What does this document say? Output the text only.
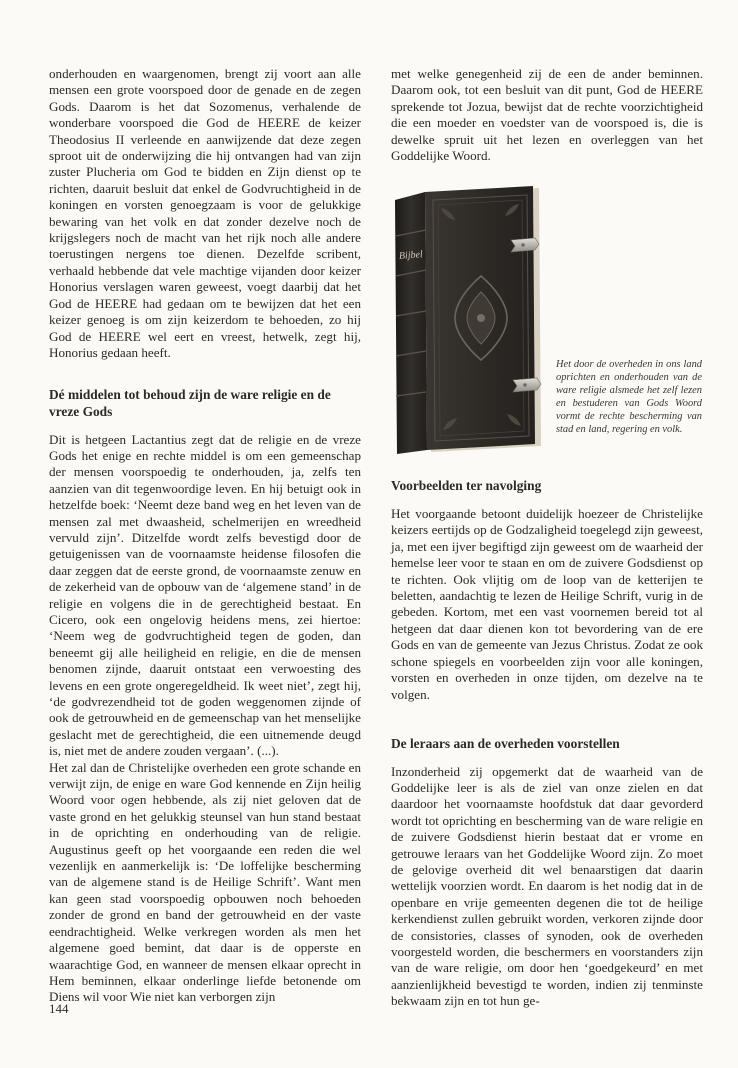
onderhouden en waargenomen, brengt zij voort aan alle mensen een grote voorspoed door de genade en de zegen Gods. Daarom is het dat Sozomenus, verhalende de wonderbare voorspoed die God de HEERE de keizer Theodosius II verleende en aanwijzende dat deze zegen sproot uit de onderwijzing die hij ontvangen had van zijn zuster Plucheria om God te bidden en Zijn dienst op te richten, daaruit besluit dat enkel de Godvruchtigheid in de koningen en vorsten genoegzaam is voor de gelukkige bewaring van het volk en dat zonder dezelve noch de krijgslegers noch de macht van het rijk noch alle andere toerustingen nergens toe dienen. Dezelfde scribent, verhaald hebbende dat vele machtige vijanden door keizer Honorius verslagen waren geweest, voegt daarbij dat het God de HEERE had gedaan om te bewijzen dat het een keizer genoeg is om zijn keizerdom te behoeden, zo hij God de HEERE wel eert en vreest, hetwelk, zegt hij, Honorius gedaan heeft.

Dé middelen tot behoud zijn de ware religie en de vreze Gods

Dit is hetgeen Lactantius zegt dat de religie en de vreze Gods het enige en rechte middel is om een gemeenschap der mensen voorspoedig te onderhouden, ja, zelfs ten aanzien van dit tegenwoordige leven. En hij betuigt ook in hetzelfde boek: ‘Neemt deze band weg en het leven van de mensen zal met dwaasheid, schelmerijen en wreedheid vervuld zijn’. Ditzelfde wordt zelfs bevestigd door de getuigenissen van de voornaamste heidense filosofen die daar zeggen dat de eerste grond, de voornaamste zenuw en de zekerheid van de opbouw van de ‘algemene stand’ in de religie en volgens die in de gerechtigheid bestaat. En Cicero, ook een ongelovig heidens mens, zei hiertoe: ‘Neem weg de godvruchtigheid tegen de goden, dan beneemt gij alle heiligheid en religie, en die de mensen benomen zijnde, daaruit ontstaat een verwoesting des levens en een grote ongeregeldheid. Ik weet niet’, zegt hij, ‘de godvrezendheid tot de goden weggenomen zijnde of ook de getrouwheid en de gemeenschap van het menselijke geslacht met de gerechtigheid, die een uitnemende deugd is, niet met de andere zouden vergaan’. (...).

Het zal dan de Christelijke overheden een grote schande en verwijt zijn, de enige en ware God kennende en Zijn heilig Woord voor ogen hebbende, als zij niet geloven dat de vaste grond en het gelukkig steunsel van hun stand bestaat in de oprichting en onderhouding van de religie. Augustinus geeft op het voorgaande een reden die wel vezenlijk en aanmerkelijk is: ‘De loffelijke bescherming van de algemene stand is de Heilige Schrift’. Want men kan geen stad voorspoedig opbouwen noch behoeden zonder de grond en band der getrouwheid en der vaste eendrachtigheid. Welke verkregen worden als men het algemene goed bemint, dat daar is de opperste en waarachtige God, en wanneer de mensen elkaar oprecht in Hem beminnen, elkaar onderlinge liefde betonende om Diens wil voor Wie niet kan verborgen zijn

met welke genegenheid zij de een de ander beminnen. Daarom ook, tot een besluit van dit punt, God de HEERE sprekende tot Jozua, bewijst dat de rechte voorzichtigheid die een moeder en voedster van de voorspoed is, die is dewelke spruit uit het lezen en overleggen van het Goddelijke Woord.

Voorbeelden ter navolging

Het voorgaande betoont duidelijk hoezeer de Christelijke keizers eertijds op de Godzaligheid toegelegd zijn geweest, ja, met een ijver begiftigd zijn geweest om de waarheid der hemelse leer voor te staan en om de zuivere Godsdienst op te richten. Ook vlijtig om de loop van de ketterijen te beletten, aandachtig te lezen de Heilige Schrift, vurig in de gebeden. Kortom, met een vast voornemen bereid tot al hetgeen dat daar dienen kon tot bevordering van de ere Gods en van de gemeente van Jezus Christus. Zodat ze ook schone spiegels en voorbeelden zijn voor alle koningen, vorsten en overheden in onze tijden, om dezelve na te volgen.

De leraars aan de overheden voorstellen

Inzonderheid zij opgemerkt dat de waarheid van de Goddelijke leer is als de ziel van onze zielen en dat daardoor het voornaamste hoofdstuk dat daar gevorderd wordt tot oprichting en bescherming van de ware religie en de zuivere Godsdienst hierin bestaat dat er vrome en getrouwe leraars van het Goddelijke Woord zijn. Zo moet de gelovige overheid dit wel benaarstigen dat daarin wettelijk voorzien wordt. En daarom is het nodig dat in de openbare en vrije gemeenten degenen die tot de heilige kerkendienst zullen gebruikt worden, verkoren zijnde door de consistories, classes of synoden, ook de overheden voorgesteld worden, die beschermers en voorstanders zijn van de ware religie, om door hen ‘goedgekeurd’ en met aanzienlijkheid bevestigd te worden, indien zij tenminste bekwaam zijn en tot hun ge-

Bijbel
Het door de overheden in ons land oprichten en onderhouden van de ware religie alsmede het zelf lezen en bestuderen van Gods Woord vormt de rechte bescherming van stad en land, regering en volk.
144
